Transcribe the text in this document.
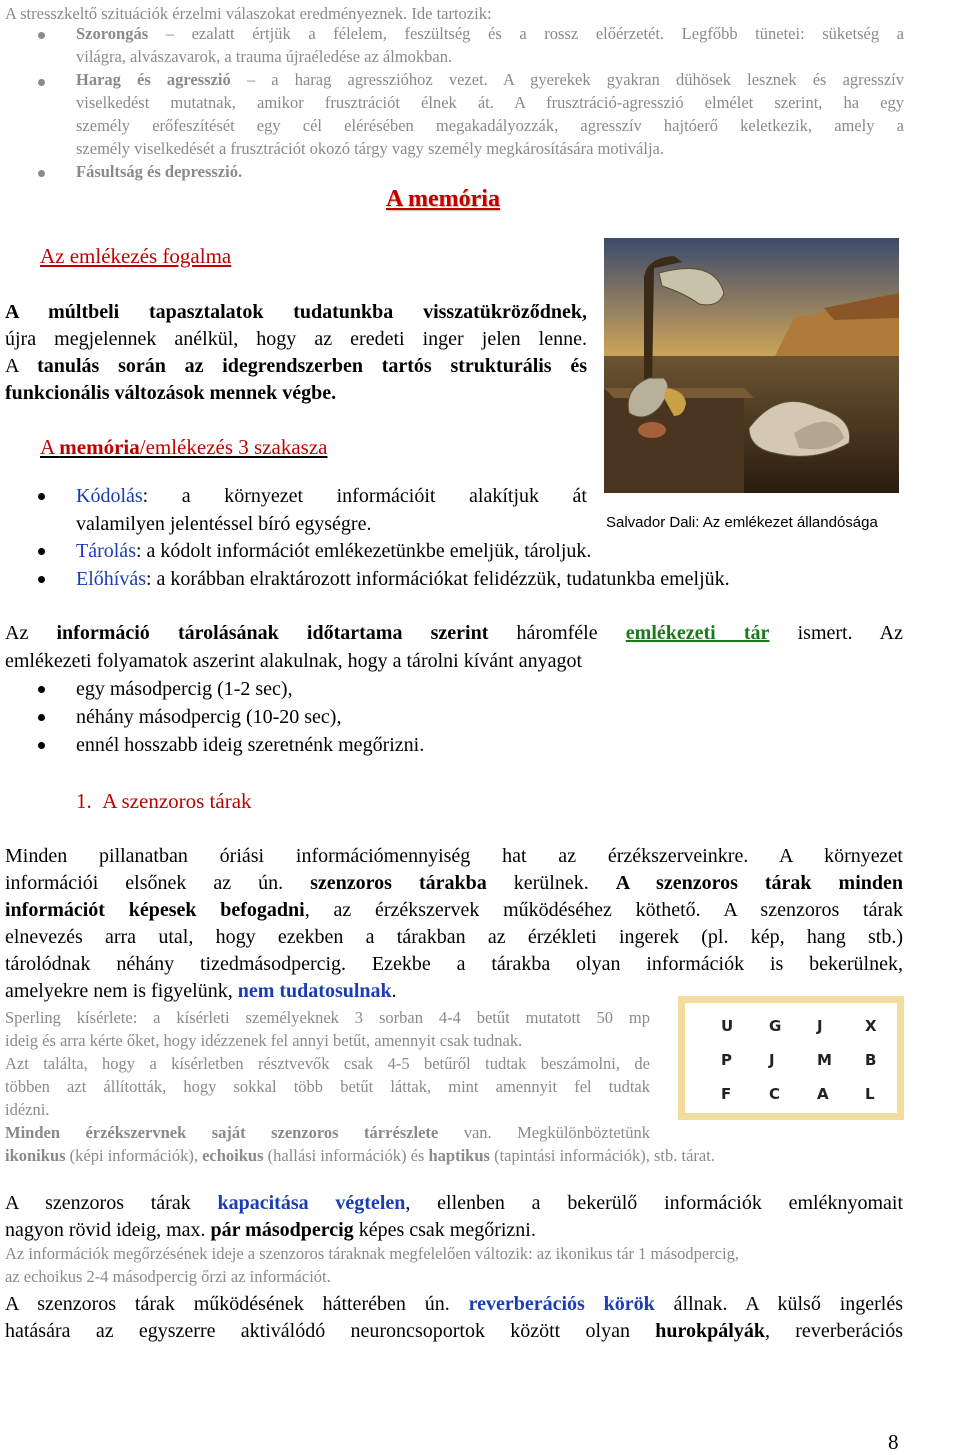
A stresszkeltő szituációk érzelmi válaszokat eredményeznek. Ide tartozik:
Szorongás – ezalatt értjük a félelem, feszültség és a rossz előérzetét. Legfőbb tünetei: süketség a
világra, alvászavarok, a trauma újraéledése az álmokban.
Harag és agresszió – a harag agresszióhoz vezet. A gyerekek gyakran dühösek lesznek és agresszív
viselkedést mutatnak, amikor frusztrációt élnek át. A frusztráció-agresszió elmélet szerint, ha egy
személy erőfeszítését egy cél elérésében megakadályozzák, agresszív hajtóerő keletkezik, amely a
személy viselkedését a frusztrációt okozó tárgy vagy személy megkárosítására motiválja.
Fásultság és depresszió.
A memória
Az emlékezés fogalma
A múltbeli tapasztalatok tudatunkba visszatükröződnek,
újra megjelennek anélkül, hogy az eredeti inger jelen lenne.
A tanulás során az idegrendszerben tartós strukturális és
funkcionális változások mennek végbe.
A memória/emlékezés 3 szakasza
Salvador Dali: Az emlékezet állandósága
Kódolás: a környezet információit alakítjuk át
valamilyen jelentéssel bíró egységre.
Tárolás: a kódolt információt emlékezetünkbe emeljük, tároljuk.
Előhívás: a korábban elraktározott információkat felidézzük, tudatunkba emeljük.
Az információ tárolásának időtartama szerint háromféle emlékezeti tár ismert. Az
emlékezeti folyamatok aszerint alakulnak, hogy a tárolni kívánt anyagot
egy másodpercig (1-2 sec),
néhány másodpercig (10-20 sec),
ennél hosszabb ideig szeretnénk megőrizni.
1. A szenzoros tárak
Minden pillanatban óriási információmennyiség hat az érzékszerveinkre. A környezet
információi elsőnek az ún. szenzoros tárakba kerülnek. A szenzoros tárak minden
információt képesek befogadni, az érzékszervek működéséhez köthető. A szenzoros tárak
elnevezés arra utal, hogy ezekben a tárakban az érzékleti ingerek (pl. kép, hang stb.)
tárolódnak néhány tizedmásodpercig. Ezekbe a tárakba olyan információk is bekerülnek,
amelyekre nem is figyelünk, nem tudatosulnak.
Sperling kísérlete: a kísérleti személyeknek 3 sorban 4-4 betűt mutatott 50 mp
ideig és arra kérte őket, hogy idézzenek fel annyi betűt, amennyit csak tudnak.
Azt találta, hogy a kísérletben résztvevők csak 4-5 betűről tudtak beszámolni, de
többen azt állították, hogy sokkal több betűt láttak, mint amennyit fel tudtak
idézni.
Minden érzékszervnek saját szenzoros tárrészlete van. Megkülönböztetünk
ikonikus (képi információk), echoikus (hallási információk) és haptikus (tapintási információk), stb. tárat.
U G J	X
P J	M B
F	C A L
A szenzoros tárak kapacitása végtelen, ellenben a bekerülő információk emléknyomait
nagyon rövid ideig, max. pár másodpercig képes csak megőrizni.
Az információk megőrzésének ideje a szenzoros táraknak megfelelően változik: az ikonikus tár 1 másodpercig,
az echoikus 2-4 másodpercig őrzi az információt.
A szenzoros tárak működésének hátterében ún. reverberációs körök állnak. A külső ingerlés
hatására az egyszerre aktiválódó neuroncsoportok között olyan hurokpályák, reverberációs
8
